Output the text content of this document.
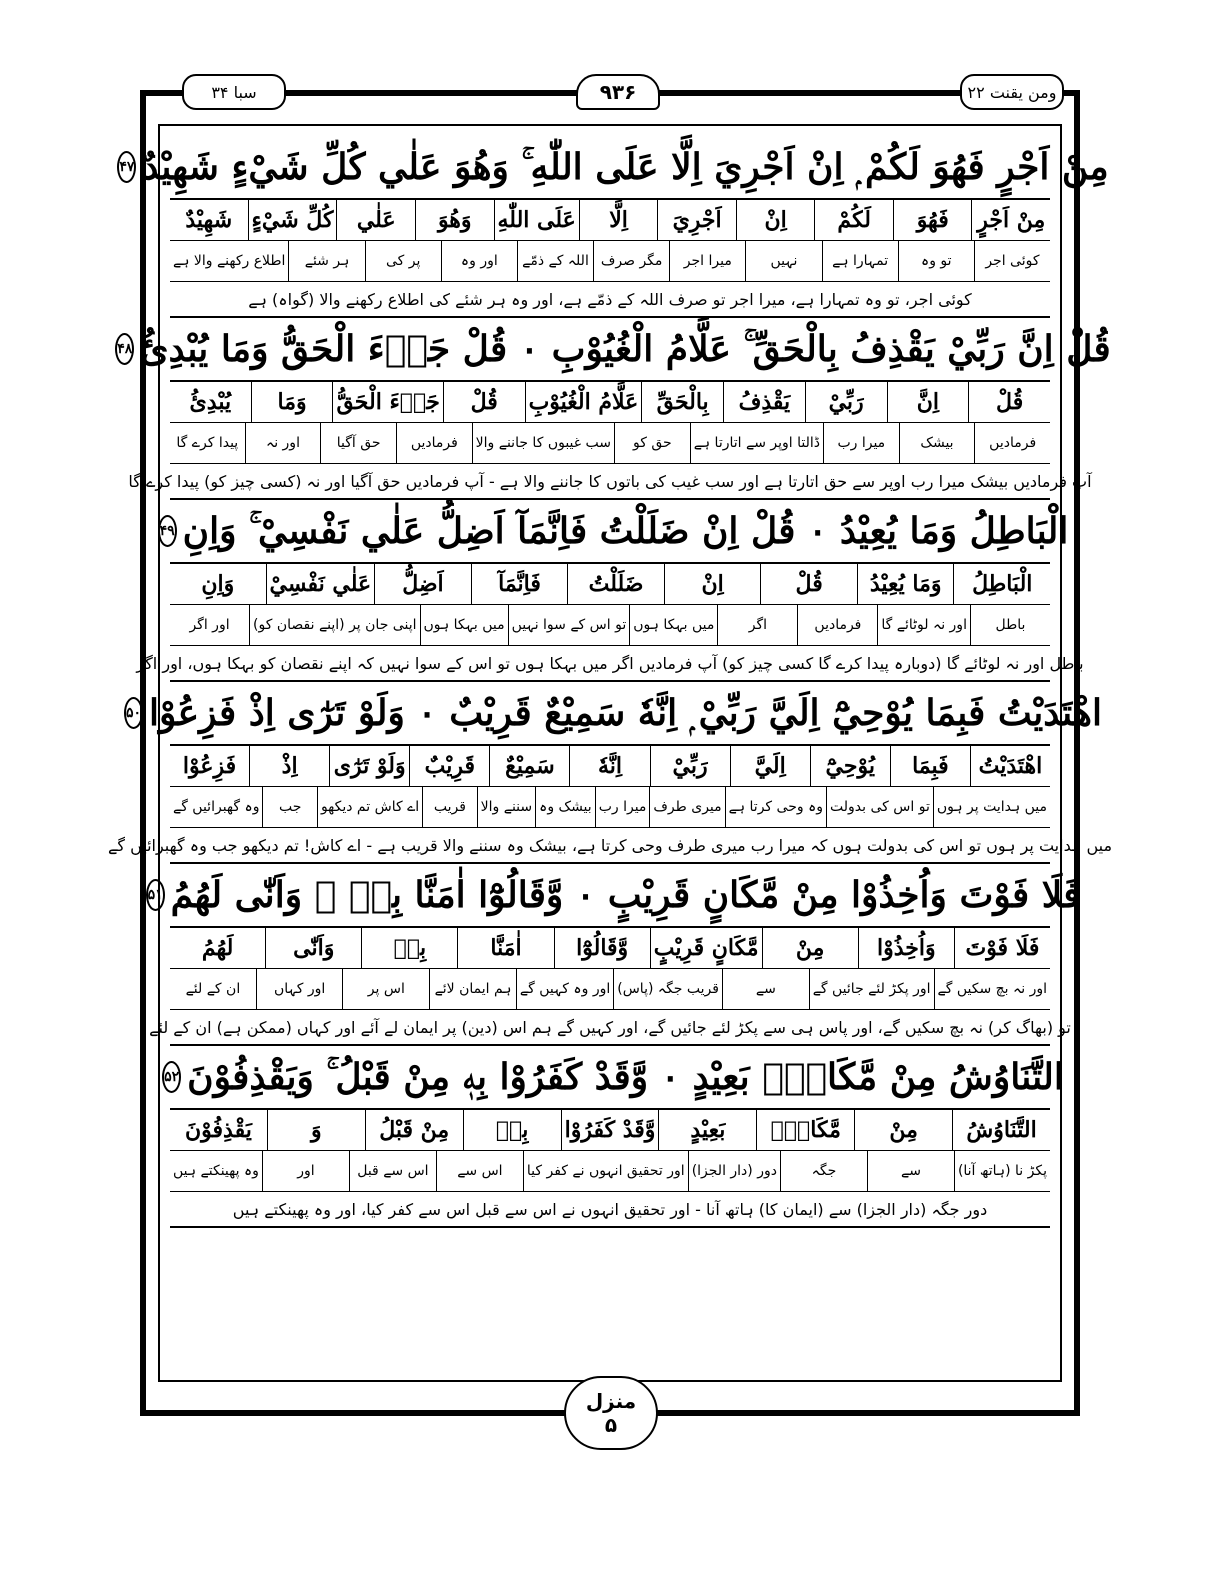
ومن یقنت ۲۲
۹۳۶
سبا ۳۴
مِنْ اَجْرٍ فَهُوَ لَكُمْ ۭ اِنْ اَجْرِيَ اِلَّا عَلَى اللّٰهِ ۚ وَهُوَ عَلٰي كُلِّ شَيْءٍ شَهِيْدٌ
۴۷
مِنْ اَجْرٍ
فَهُوَ
لَكُمْ
اِنْ
اَجْرِيَ
اِلَّا
عَلَى اللّٰهِ
وَهُوَ
عَلٰي
كُلِّ شَيْءٍ
شَهِيْدٌ
کوئی اجر
تو وہ
تمہارا ہے
نہیں
میرا اجر
مگر صرف
اللہ کے ذمّے
اور وہ
پر کی
ہر شئے
اطلاع رکھنے والا ہے
کوئی اجر، تو وہ تمہارا ہے، میرا اجر تو صرف اللہ کے ذمّے ہے، اور وہ ہر شئے کی اطلاع رکھنے والا (گواہ) ہے
قُلْ اِنَّ رَبِّيْ يَقْذِفُ بِالْحَقِّ ۚ عَلَّامُ الْغُيُوْبِ ٠ قُلْ جَاۗءَ الْحَقُّ وَمَا يُبْدِئُ
۴۸
قُلْ
اِنَّ
رَبِّيْ
يَقْذِفُ
بِالْحَقِّ
عَلَّامُ الْغُيُوْبِ
قُلْ
جَاۗءَ الْحَقُّ
وَمَا
يُبْدِئُ
فرمادیں
بیشک
میرا رب
ڈالتا اوپر سے اتارتا ہے
حق کو
سب غیبوں کا جاننے والا
فرمادیں
حق آگیا
اور نہ
پیدا کرے گا
آپ فرمادیں بیشک میرا رب اوپر سے حق اتارتا ہے اور سب غیب کی باتوں کا جاننے والا ہے - آپ فرمادیں حق آگیا اور نہ (کسی چیز کو) پیدا کرے گا
الْبَاطِلُ وَمَا يُعِيْدُ ٠ قُلْ اِنْ ضَلَلْتُ فَاِنَّمَآ اَضِلُّ عَلٰي نَفْسِيْ ۚ وَاِنِ
۴۹
الْبَاطِلُ
وَمَا يُعِيْدُ
قُلْ
اِنْ
ضَلَلْتُ
فَاِنَّمَآ
اَضِلُّ
عَلٰي نَفْسِيْ
وَاِنِ
باطل
اور نہ لوٹائے گا
فرمادیں
اگر
میں بہکا ہوں
تو اس کے سوا نہیں
میں بہکا ہوں
اپنی جان پر (اپنے نقصان کو)
اور اگر
باطل اور نہ لوٹائے گا (دوبارہ پیدا کرے گا کسی چیز کو) آپ فرمادیں اگر میں بہکا ہوں تو اس کے سوا نہیں کہ اپنے نقصان کو بہکا ہوں، اور اگر
اهْتَدَيْتُ فَبِمَا يُوْحِيْٓ اِلَيَّ رَبِّيْ ۭ اِنَّهٗ سَمِيْعٌ قَرِيْبٌ ٠ وَلَوْ تَرٰٓى اِذْ فَزِعُوْا
۵۰
اهْتَدَيْتُ
فَبِمَا
يُوْحِيْٓ
اِلَيَّ
رَبِّيْ
اِنَّهٗ
سَمِيْعٌ
قَرِيْبٌ
وَلَوْ تَرٰٓى
اِذْ
فَزِعُوْا
میں ہدایت پر ہوں
تو اس کی بدولت
وہ وحی کرتا ہے
میری طرف
میرا رب
بیشک وہ
سننے والا
قریب
اے کاش تم دیکھو
جب
وہ گھبرائیں گے
میں ہدایت پر ہوں تو اس کی بدولت ہوں کہ میرا رب میری طرف وحی کرتا ہے، بیشک وہ سننے والا قریب ہے - اے کاش! تم دیکھو جب وہ گھبرائیں گے
فَلَا فَوْتَ وَاُخِذُوْا مِنْ مَّكَانٍ قَرِيْبٍ ٠ وَّقَالُوْٓا اٰمَنَّا بِهٖ ۚ وَاَنّٰى لَهُمُ
۵۱
فَلَا فَوْتَ
وَاُخِذُوْا
مِنْ
مَّكَانٍ قَرِيْبٍ
وَّقَالُوْٓا
اٰمَنَّا
بِهٖ
وَاَنّٰى
لَهُمُ
اور نہ بچ سکیں گے
اور پکڑ لئے جائیں گے
سے
قریب جگہ (پاس)
اور وہ کہیں گے
ہم ایمان لائے
اس پر
اور کہاں
ان کے لئے
تو (بھاگ کر) نہ بچ سکیں گے، اور پاس ہی سے پکڑ لئے جائیں گے، اور کہیں گے ہم اس (دین) پر ایمان لے آئے اور کہاں (ممکن ہے) ان کے لئے
التَّنَاوُشُ مِنْ مَّكَانٍۢ بَعِيْدٍ ٠ وَّقَدْ كَفَرُوْا بِهٖ مِنْ قَبْلُ ۚ وَيَقْذِفُوْنَ
۵۲
التَّنَاوُشُ
مِنْ
مَّكَانٍۢ
بَعِيْدٍ
وَّقَدْ كَفَرُوْا
بِهٖ
مِنْ قَبْلُ
وَ
يَقْذِفُوْنَ
پکڑ نا (ہاتھ آنا)
سے
جگہ
دور (دار الجزا)
اور تحقیق انہوں نے کفر کیا
اس سے
اس سے قبل
اور
وہ پھینکتے ہیں
دور جگہ (دار الجزا) سے (ایمان کا) ہاتھ آنا - اور تحقیق انہوں نے اس سے قبل اس سے کفر کیا، اور وہ پھینکتے ہیں
منزل
۵
